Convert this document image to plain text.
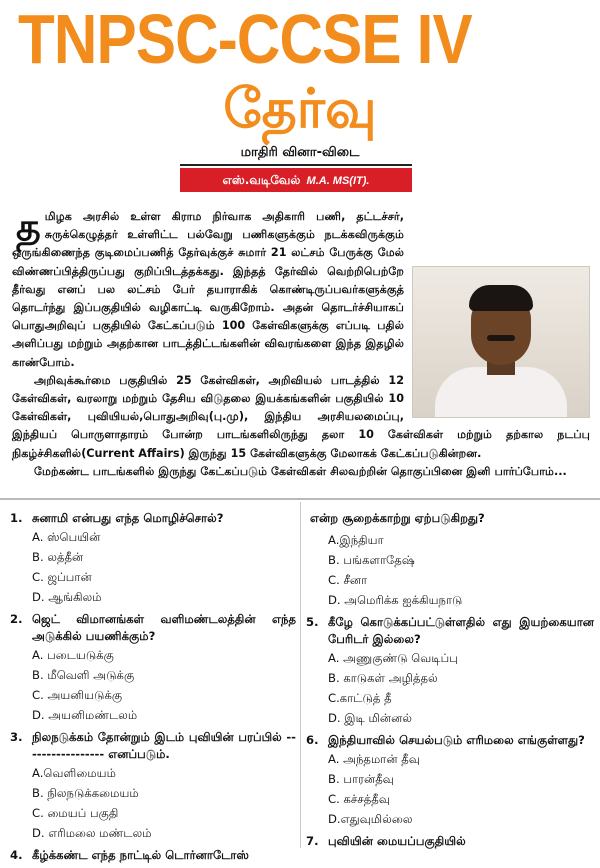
TNPSC-CCSE IV
தேர்வு
மாதிரி வினா-விடை
எஸ்.வடிவேல் M.A. MS(IT).

தமிழக அரசில் உள்ள கிராம நிர்வாக அதிகாரி பணி, தட்டச்சர், சுருக்கெழுத்தர் உள்ளிட்ட பல்வேறு பணிகளுக்கும் நடக்கவிருக்கும் ஒருங்கிணைந்த குடிமைப்பணித் தேர்வுக்குச் சுமார் 21 லட்சம் பேருக்கு மேல் விண்ணப்பித்திருப்பது குறிப்பிடத்தக்கது. இந்தத் தேர்வில் வெற்றிபெற்றே தீர்வது எனப் பல லட்சம் பேர் தயாராகிக் கொண்டிருப்பவர்களுக்குத் தொடர்ந்து இப்பகுதியில் வழிகாட்டி வருகிறோம். அதன் தொடர்ச்சியாகப் பொதுஅறிவுப் பகுதியில் கேட்கப்படும் 100 கேள்விகளுக்கு எப்படி பதில் அளிப்பது மற்றும் அதற்கான பாடத்திட்டங்களின் விவரங்களை இந்த இதழில் காண்போம்.

அறிவுக்கூர்மை பகுதியில் 25 கேள்விகள், அறிவியல் பாடத்தில் 12 கேள்விகள், வரலாறு மற்றும் தேசிய விடுதலை இயக்கங்களின் பகுதியில் 10 கேள்விகள், புவியியல்,பொதுஅறிவு(பு.மு), இந்திய அரசியலமைப்பு, இந்தியப் பொருளாதாரம் போன்ற பாடங்களிலிருந்து தலா 10 கேள்விகள் மற்றும் தற்கால நடப்பு நிகழ்ச்சிகளில்(Current Affairs) இருந்து 15 கேள்விகளுக்கு மேலாகக் கேட்கப்படுகின்றன.

மேற்கண்ட பாடங்களில் இருந்து கேட்கப்படும் கேள்விகள் சிலவற்றின் தொகுப்பினை இனி பார்ப்போம்...

1. சுனாமி என்பது எந்த மொழிச்சொல்?
A. ஸ்பெயின்
B. லத்தீன்
C. ஜப்பான்
D. ஆங்கிலம்
2. ஜெட் விமானங்கள் வளிமண்டலத்தின் எந்த அடுக்கில் பயணிக்கும்?
A. படையடுக்கு
B. மீவெளி அடுக்கு
C. அயனியடுக்கு
D. அயனிமண்டலம்
3. நிலநடுக்கம் தோன்றும் இடம் புவியின் பரப்பில் ----------------- எனப்படும்.
A.வெளிமையம்
B. நிலநடுக்கமையம்
C. மையப் பகுதி
D. எரிமலை மண்டலம்
4. கீழ்க்கண்ட எந்த நாட்டில் டொர்னாடோஸ்
என்ற சூறைக்காற்று ஏற்படுகிறது?
A.இந்தியா
B. பங்களாதேஷ்
C. சீனா
D. அமெரிக்க ஐக்கியநாடு
5. கீழே கொடுக்கப்பட்டுள்ளதில் எது இயற்கையான பேரிடர் இல்லை?
A. அணுகுண்டு வெடிப்பு
B. காடுகள் அழித்தல்
C.காட்டுத் தீ
D. இடி மின்னல்
6. இந்தியாவில் செயல்படும் எரிமலை எங்குள்ளது?
A. அந்தமான் தீவு
B. பாரன்தீவு
C. கச்சத்தீவு
D.எதுவுமில்லை
7. புவியின் மையப்பகுதியில்
